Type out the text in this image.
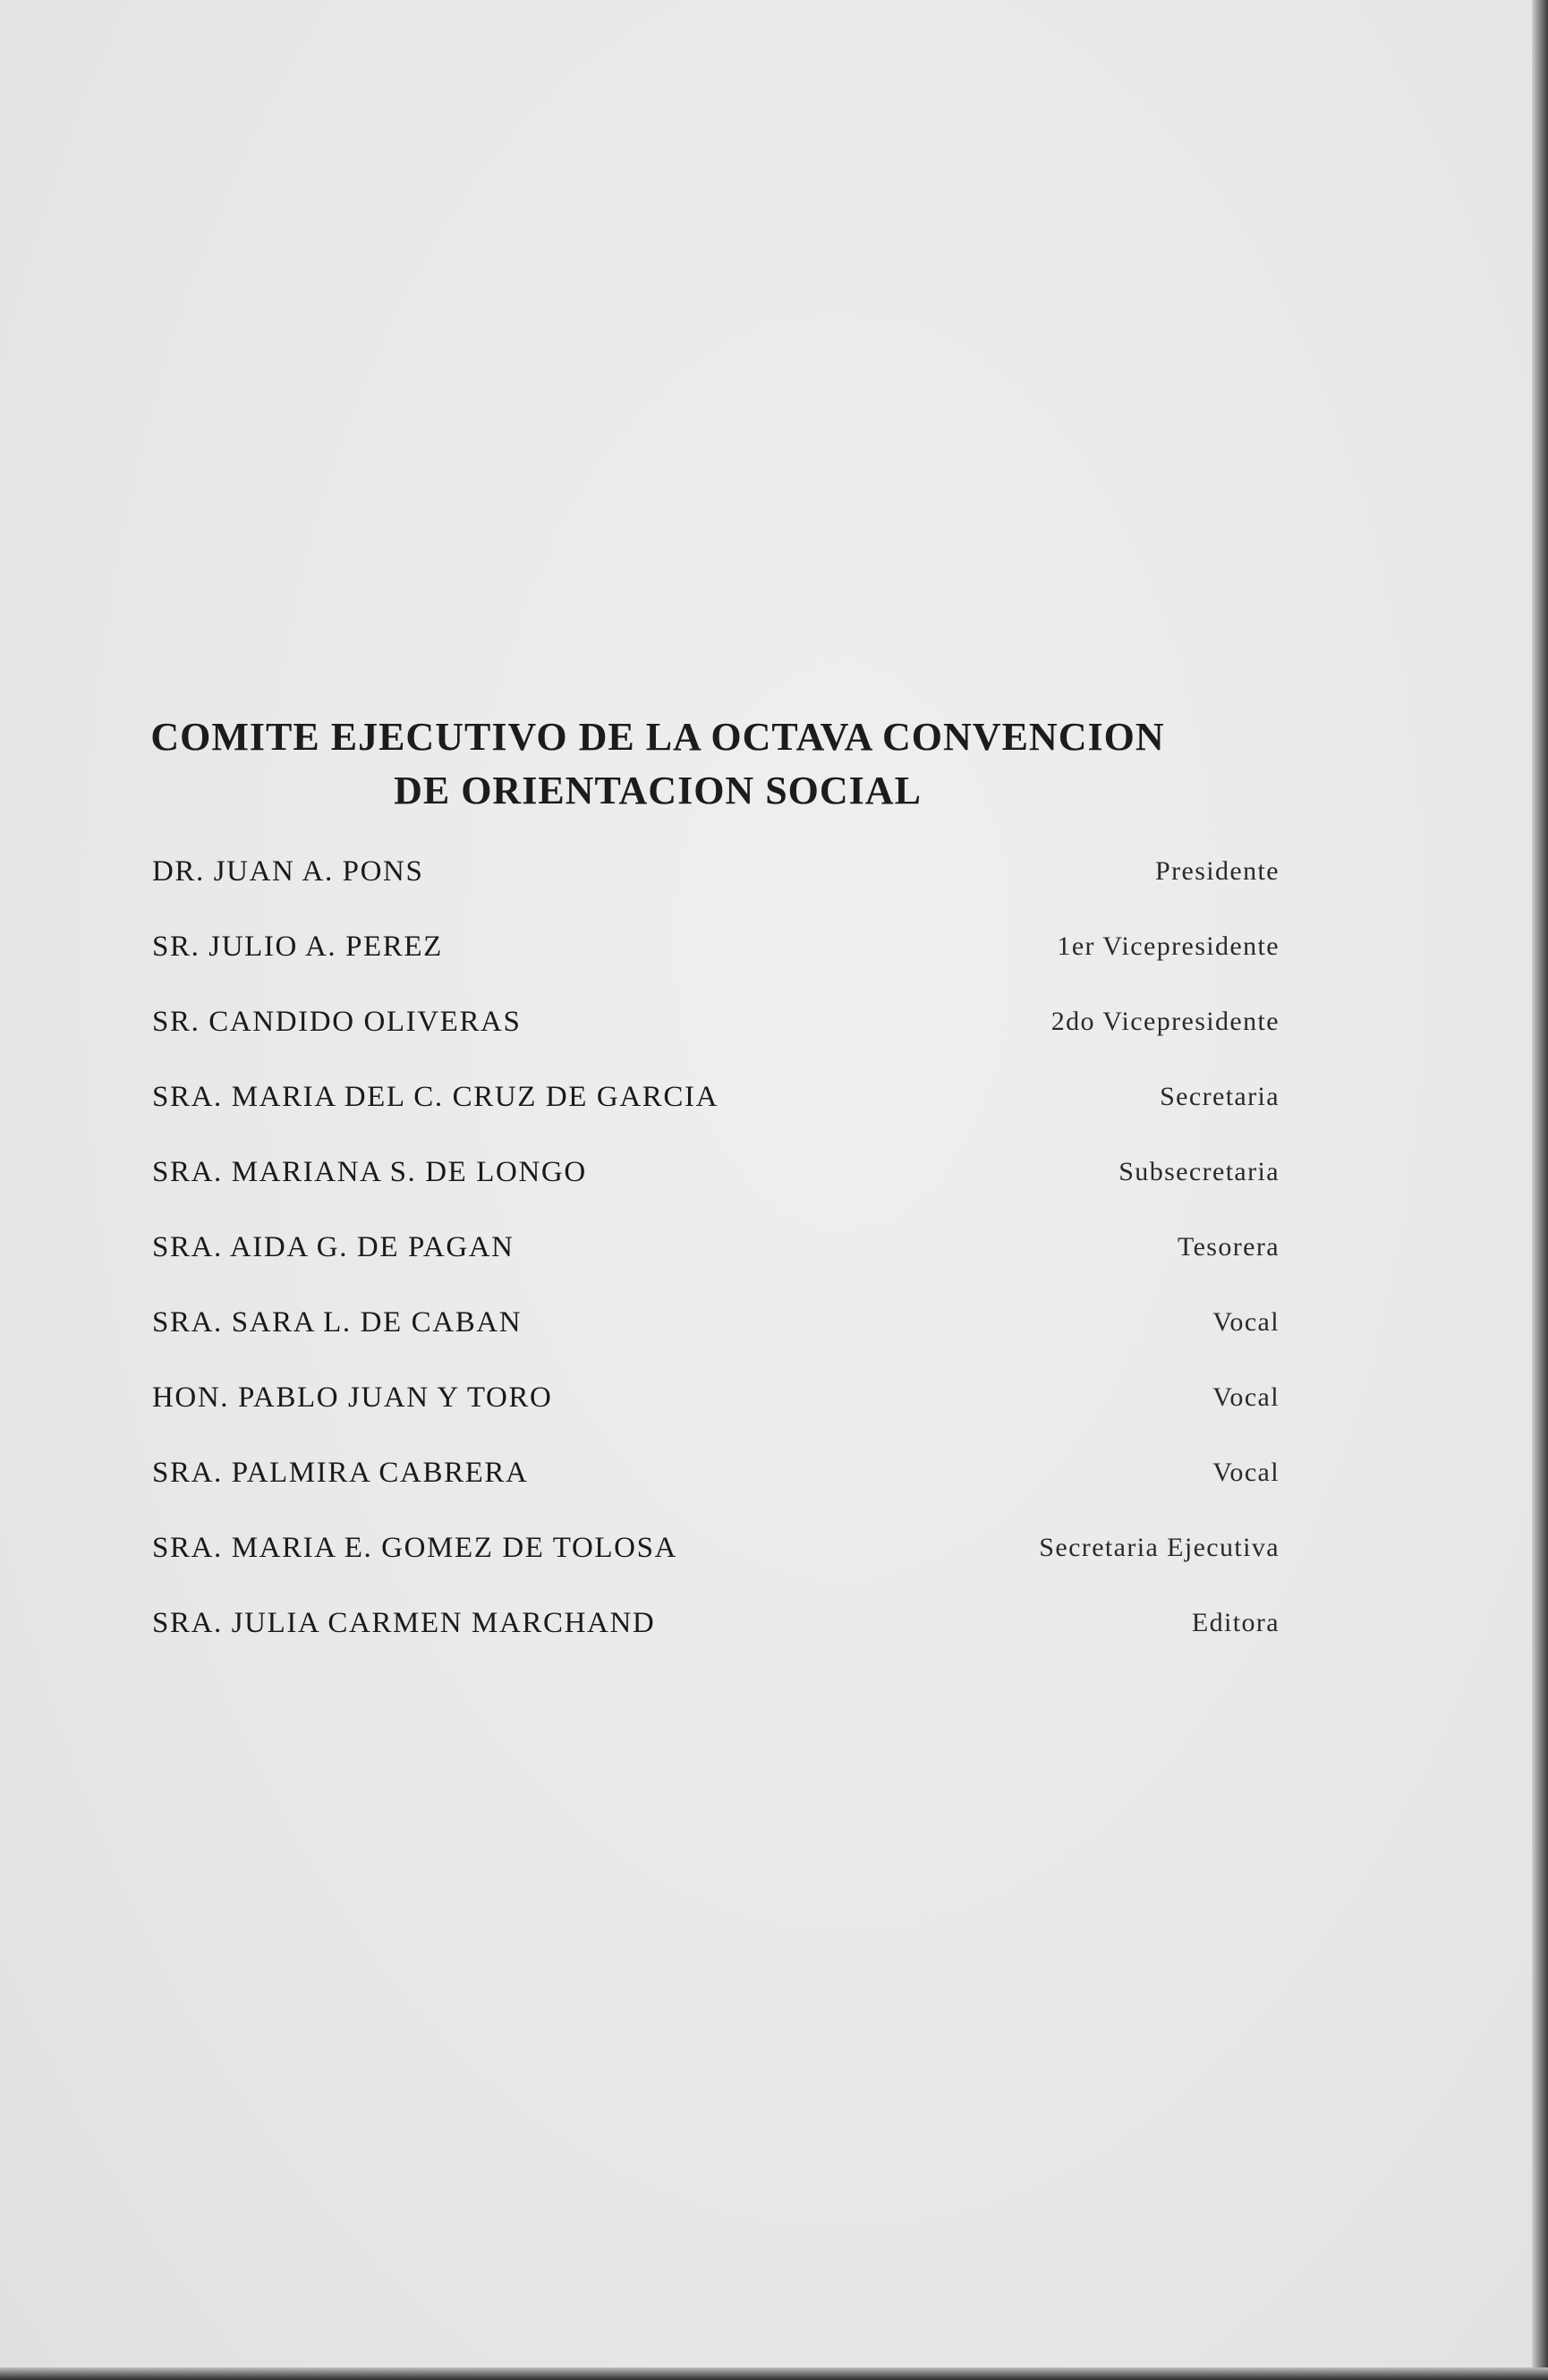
COMITE EJECUTIVO DE LA OCTAVA CONVENCION
DE ORIENTACION SOCIAL
DR. JUAN A. PONS	Presidente
SR. JULIO A. PEREZ	1er Vicepresidente
SR. CANDIDO OLIVERAS	2do Vicepresidente
SRA. MARIA DEL C. CRUZ DE GARCIA	Secretaria
SRA. MARIANA S. DE LONGO	Subsecretaria
SRA. AIDA G. DE PAGAN	Tesorera
SRA. SARA L. DE CABAN	Vocal
HON. PABLO JUAN Y TORO	Vocal
SRA. PALMIRA CABRERA	Vocal
SRA. MARIA E. GOMEZ DE TOLOSA	Secretaria Ejecutiva
SRA. JULIA CARMEN MARCHAND	Editora
